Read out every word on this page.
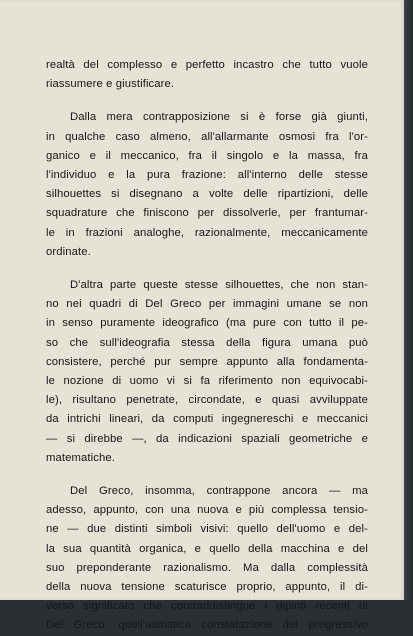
realtà del complesso e perfetto incastro che tutto vuole
riassumere e giustificare.

Dalla mera contrapposizione si è forse già giunti,
in qualche caso almeno, all'allarmante osmosi fra l'or-
ganico e il meccanico, fra il singolo e la massa, fra
l'individuo e la pura frazione: all'interno delle stesse
silhouettes si disegnano a volte delle ripartizioni, delle
squadrature che finiscono per dissolverle, per frantumar-
le in frazioni analoghe, razionalmente, meccanicamente
ordinate.

D'altra parte queste stesse silhouettes, che non stan-
no nei quadri di Del Greco per immagini umane se non
in senso puramente ideografico (ma pure con tutto il pe-
so che sull'ideografia stessa della figura umana può
consistere, perché pur sempre appunto alla fondamenta-
le nozione di uomo vi si fa riferimento non equivocabi-
le), risultano penetrate, circondate, e quasi avviluppate
da intrichi lineari, da computi ingegnereschi e meccanici
— si direbbe —, da indicazioni spaziali geometriche e
matematiche.

Del Greco, insomma, contrappone ancora — ma
adesso, appunto, con una nuova e più complessa tensio-
ne — due distinti simboli visivi: quello dell'uomo e del-
la sua quantità organica, e quello della macchina e del
suo preponderante razionalismo. Ma dalla complessità
della nuova tensione scaturisce proprio, appunto, il di-
verso significato che contraddistingue i dipinti recenti di
Del Greco: quell'asmatica constatazione del progressivo
